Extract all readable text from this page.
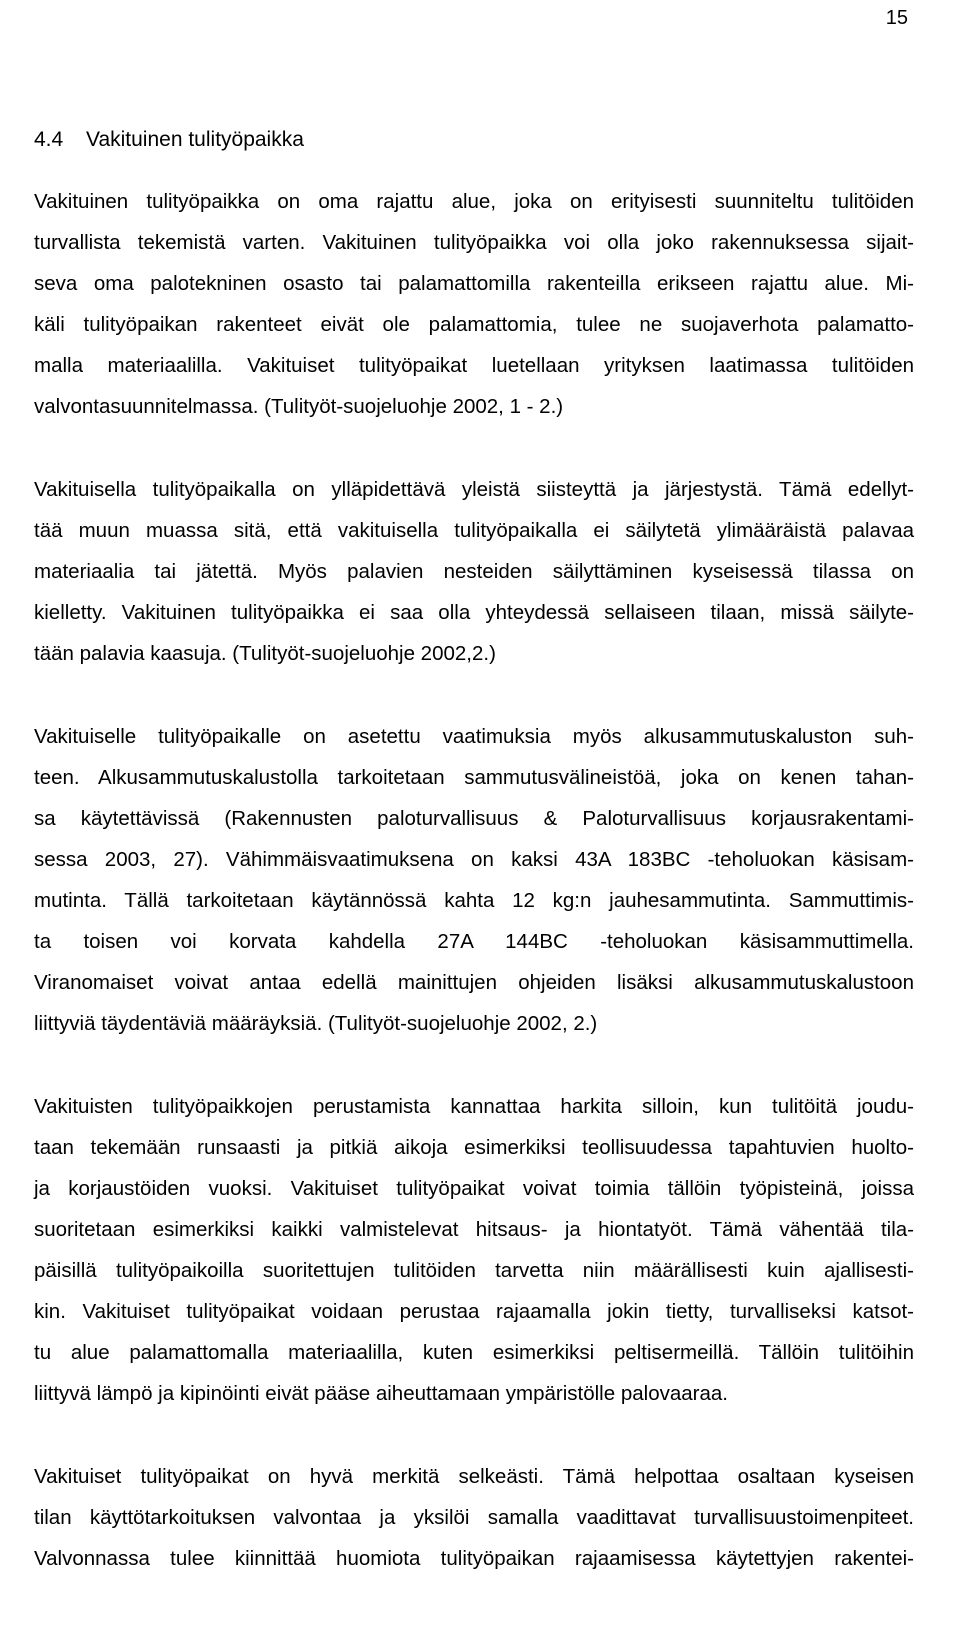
15
4.4	Vakituinen tulityöpaikka
Vakituinen tulityöpaikka on oma rajattu alue, joka on erityisesti suunniteltu tulitöiden
turvallista tekemistä varten. Vakituinen tulityöpaikka voi olla joko rakennuksessa sijait-
seva oma palotekninen osasto tai palamattomilla rakenteilla erikseen rajattu alue. Mi-
käli tulityöpaikan rakenteet eivät ole palamattomia, tulee ne suojaverhota palamatto-
malla materiaalilla. Vakituiset tulityöpaikat luetellaan yrityksen laatimassa tulitöiden
valvontasuunnitelmassa. (Tulityöt-suojeluohje 2002, 1 - 2.)
Vakituisella tulityöpaikalla on ylläpidettävä yleistä siisteyttä ja järjestystä. Tämä edellyt-
tää muun muassa sitä, että vakituisella tulityöpaikalla ei säilytetä ylimääräistä palavaa
materiaalia tai jätettä. Myös palavien nesteiden säilyttäminen kyseisessä tilassa on
kielletty. Vakituinen tulityöpaikka ei saa olla yhteydessä sellaiseen tilaan, missä säilyte-
tään palavia kaasuja. (Tulityöt-suojeluohje 2002,2.)
Vakituiselle tulityöpaikalle on asetettu vaatimuksia myös alkusammutuskaluston suh-
teen. Alkusammutuskalustolla tarkoitetaan sammutusvälineistöä, joka on kenen tahan-
sa käytettävissä (Rakennusten paloturvallisuus & Paloturvallisuus korjausrakentami-
sessa 2003, 27). Vähimmäisvaatimuksena on kaksi 43A 183BC -teholuokan käsisam-
mutinta. Tällä tarkoitetaan käytännössä kahta 12 kg:n jauhesammutinta. Sammuttimis-
ta toisen voi korvata kahdella 27A 144BC -teholuokan käsisammuttimella.
Viranomaiset voivat antaa edellä mainittujen ohjeiden lisäksi alkusammutuskalustoon
liittyviä täydentäviä määräyksiä. (Tulityöt-suojeluohje 2002, 2.)
Vakituisten tulityöpaikkojen perustamista kannattaa harkita silloin, kun tulitöitä joudu-
taan tekemään runsaasti ja pitkiä aikoja esimerkiksi teollisuudessa tapahtuvien huolto-
ja korjaustöiden vuoksi. Vakituiset tulityöpaikat voivat toimia tällöin työpisteinä, joissa
suoritetaan esimerkiksi kaikki valmistelevat hitsaus- ja hiontatyöt. Tämä vähentää tila-
päisillä tulityöpaikoilla suoritettujen tulitöiden tarvetta niin määrällisesti kuin ajallisesti-
kin. Vakituiset tulityöpaikat voidaan perustaa rajaamalla jokin tietty, turvalliseksi katsot-
tu alue palamattomalla materiaalilla, kuten esimerkiksi peltisermeillä. Tällöin tulitöihin
liittyvä lämpö ja kipinöinti eivät pääse aiheuttamaan ympäristölle palovaaraa.
Vakituiset tulityöpaikat on hyvä merkitä selkeästi. Tämä helpottaa osaltaan kyseisen
tilan käyttötarkoituksen valvontaa ja yksilöi samalla vaadittavat turvallisuustoimenpiteet.
Valvonnassa tulee kiinnittää huomiota tulityöpaikan rajaamisessa käytettyjen rakentei-
